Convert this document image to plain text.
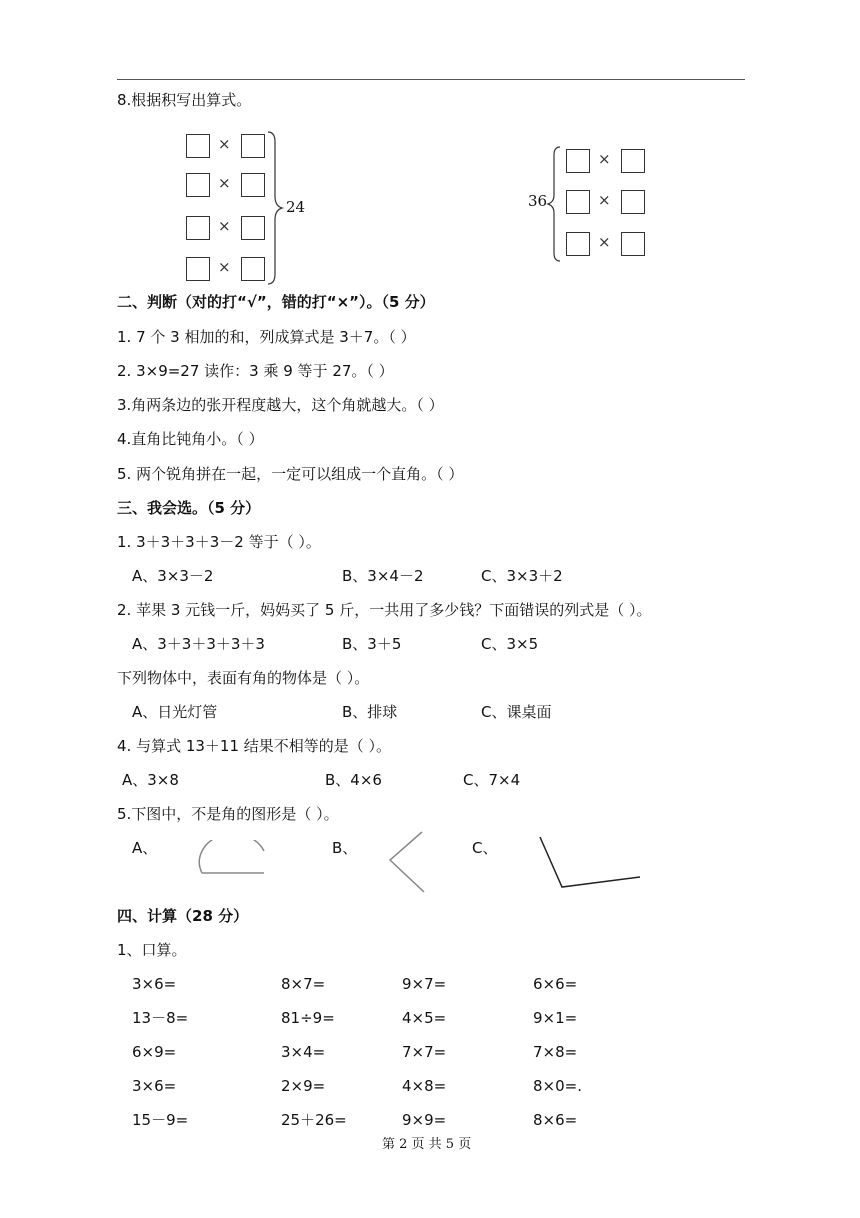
8.根据积写出算式。
×
×
×
×
24	36
×
×
×
二、判断（对的打“√”，错的打“×”）。（5 分）
1. 7 个 3 相加的和，列成算式是 3＋7。（ ）
2. 3×9=27 读作：3 乘 9 等于 27。（ ）
3.角两条边的张开程度越大，这个角就越大。（ ）
4.直角比钝角小。（ ）
5. 两个锐角拼在一起，一定可以组成一个直角。（ ）
三、我会选。（5 分）
1. 3＋3＋3＋3－2 等于（ ）。
A、3×3－2	B、3×4－2	C、3×3＋2
2. 苹果 3 元钱一斤，妈妈买了 5 斤，一共用了多少钱？下面错误的列式是（ ）。
A、3＋3＋3＋3＋3	B、3＋5	C、3×5
下列物体中，表面有角的物体是（ ）。
A、日光灯管	B、排球	C、课桌面
4. 与算式 13＋11 结果不相等的是（ ）。
A、3×8	B、4×6	C、7×4
5.下图中，不是角的图形是（ ）。
A、	B、	C、
四、计算（28 分）
1、口算。
3×6=	8×7=	9×7=	6×6=
13－8=	81÷9=	4×5=	9×1=
6×9=	3×4=	7×7=	7×8=
3×6=	2×9=	4×8=	8×0=.
15－9=	25＋26=	9×9=	8×6=
第 2 页 共 5 页
